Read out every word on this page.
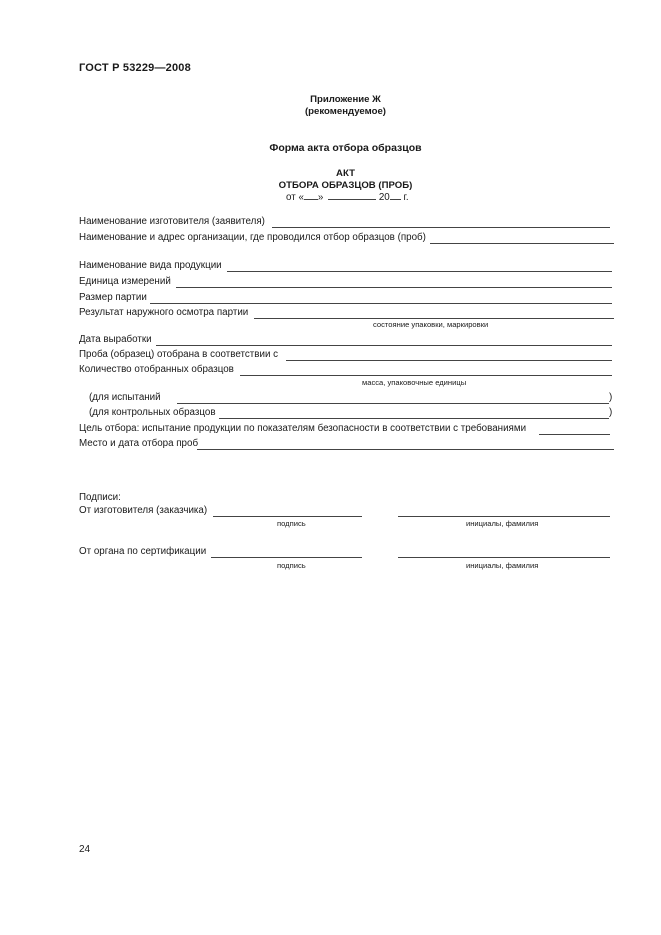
ГОСТ Р 53229—2008
Приложение Ж
(рекомендуемое)
Форма акта отбора образцов
АКТ
ОТБОРА ОБРАЗЦОВ (ПРОБ)
от « »	20 г.
Наименование изготовителя (заявителя)
Наименование и адрес организации, где проводился отбор образцов (проб)
Наименование вида продукции
Единица измерений
Размер партии
Результат наружного осмотра партии
состояние упаковки, маркировки
Дата выработки
Проба (образец) отобрана в соответствии с
Количество отобранных образцов
масса, упаковочные единицы
(для испытаний	)
(для контрольных образцов	)
Цель отбора: испытание продукции по показателям безопасности в соответствии с требованиями
Место и дата отбора проб
Подписи:
От изготовителя (заказчика)
подпись	инициалы, фамилия
От органа по сертификации
подпись	инициалы, фамилия
24
